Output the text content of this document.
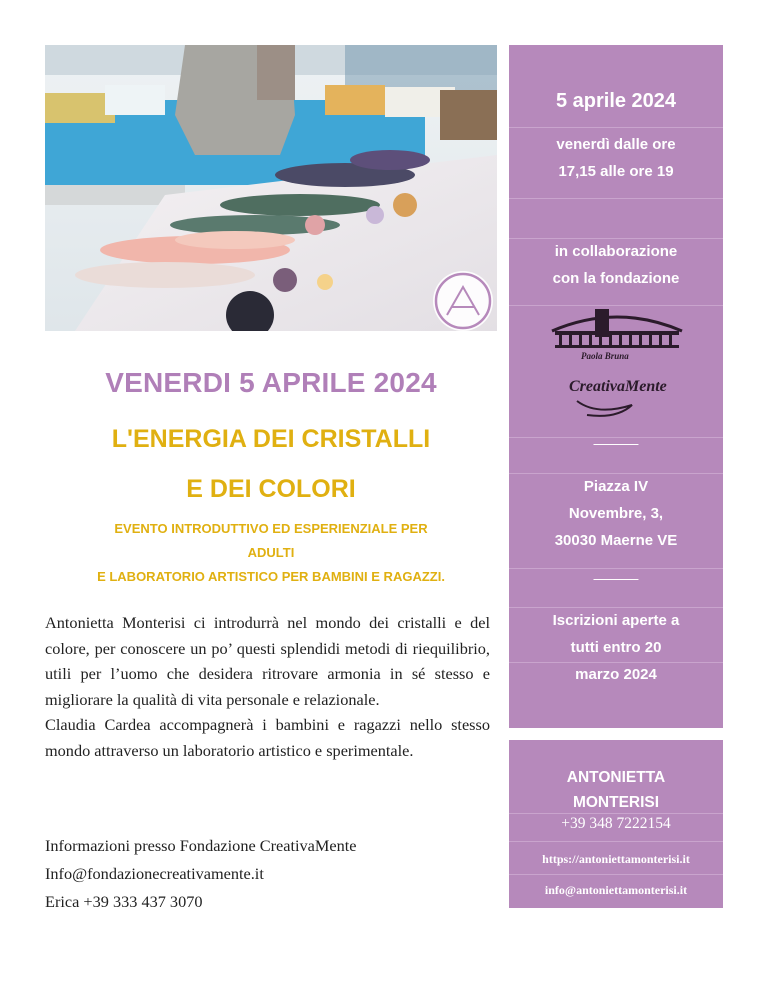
VENERDI 5 APRILE 2024
L'ENERGIA DEI CRISTALLI
E DEI COLORI
EVENTO INTRODUTTIVO ED ESPERIENZIALE PER
ADULTI
E LABORATORIO ARTISTICO PER BAMBINI E RAGAZZI.

Antonietta Monterisi ci introdurrà nel mondo dei cristalli e del colore, per conoscere un po’ questi splendidi metodi di riequilibrio, utili per l’uomo che desidera ritrovare armonia in sé stesso e migliorare la qualità di vita personale e relazionale.

Claudia Cardea accompagnerà i bambini e ragazzi nello stesso mondo attraverso un laboratorio artistico e sperimentale.

Informazioni presso Fondazione CreativaMente
Info@fondazionecreativamente.it
Erica +39 333 437 3070
5 aprile 2024
venerdì dalle ore
17,15 alle ore 19
in collaborazione
con la fondazione
Paola Bruna
CreativaMente
_____
Piazza IV
Novembre, 3,
30030 Maerne VE
_____
Iscrizioni aperte a
tutti entro 20
marzo 2024
ANTONIETTA
MONTERISI
+39 348 7222154
https://antoniettamonterisi.it
info@antoniettamonterisi.it
